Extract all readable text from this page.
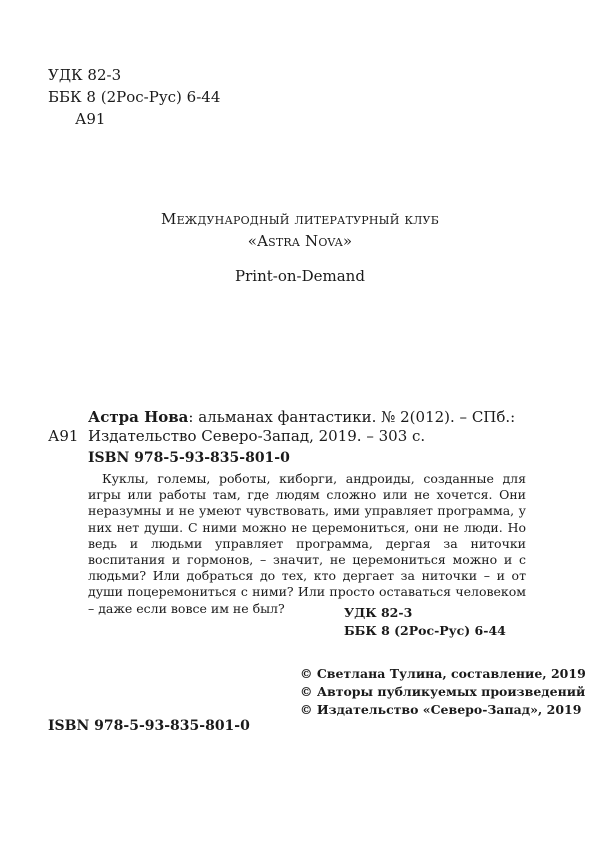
УДК 82-3
ББК 8 (2Рос-Рус) 6-44
А91
Международный литературный клуб
«Astra Nova»
Print-on-Demand
Астра Нова: альманах фантастики. № 2(012). – СПб.:
А91 Издательство Северо-Запад, 2019. – 303 с.
ISBN 978-5-93-835-801-0
Куклы, големы, роботы, киборги, андроиды, созданные для игры или работы там, где людям сложно или не хочется. Они неразумны и не умеют чувствовать, ими управляет программа, у них нет души. С ними можно не церемониться, они не люди. Но ведь и людьми управляет программа, дергая за ниточки воспитания и гормонов, – значит, не церемониться можно и с людьми? Или добраться до тех, кто дергает за ниточки – и от души поцеремониться с ними? Или просто оставаться человеком – даже если вовсе им не был?	УДК 82-3
ББК 8 (2Рос-Рус) 6-44
© Светлана Тулина, составление, 2019
© Авторы публикуемых произведений
© Издательство «Северо-Запад», 2019
ISBN 978-5-93-835-801-0
